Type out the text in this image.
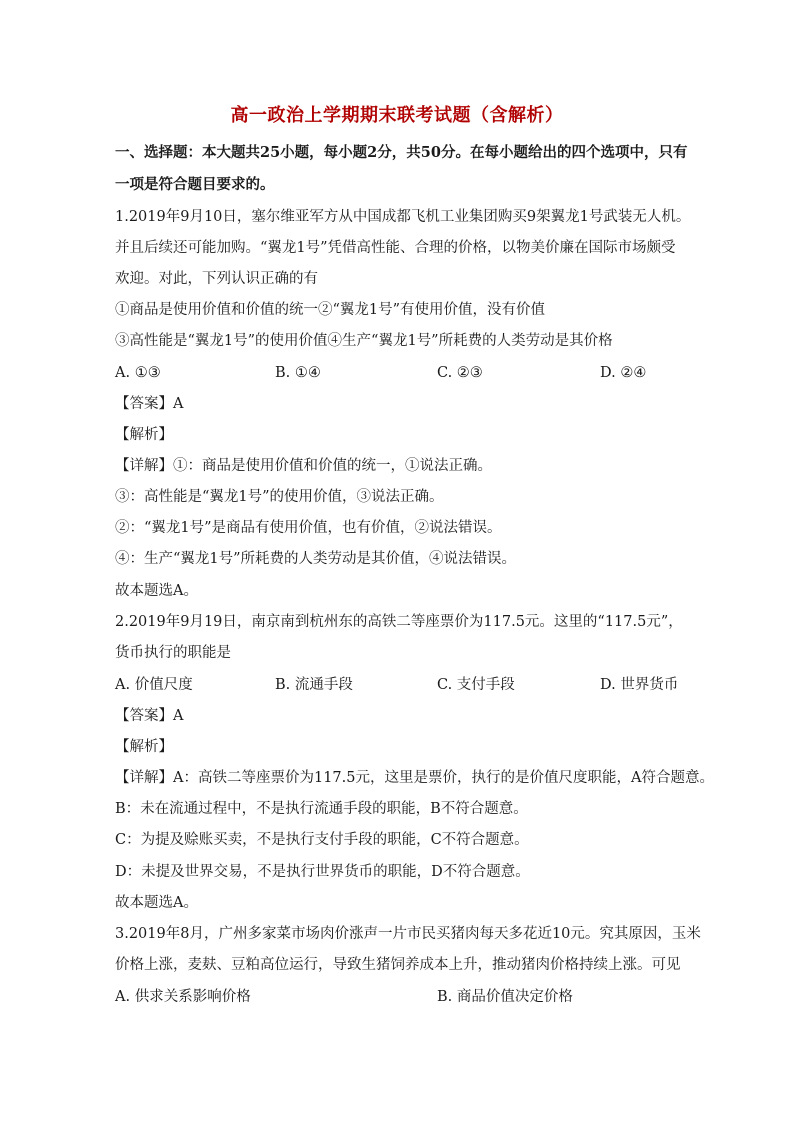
高一政治上学期期末联考试题（含解析）
一、选择题：本大题共25小题，每小题2分，共50分。在每小题给出的四个选项中，只有
一项是符合题目要求的。
1.2019年9月10日，塞尔维亚军方从中国成都飞机工业集团购买9架翼龙1号武装无人机。
并且后续还可能加购。“翼龙1号”凭借高性能、合理的价格，以物美价廉在国际市场颇受
欢迎。对此，下列认识正确的有
①商品是使用价值和价值的统一②“翼龙1号”有使用价值，没有价值
③高性能是“翼龙1号”的使用价值④生产“翼龙1号”所耗费的人类劳动是其价格
A. ①③	B. ①④	C. ②③	D. ②④
【答案】A
【解析】
【详解】①：商品是使用价值和价值的统一，①说法正确。
③：高性能是“翼龙1号”的使用价值，③说法正确。
②：“翼龙1号”是商品有使用价值，也有价值，②说法错误。
④：生产“翼龙1号”所耗费的人类劳动是其价值，④说法错误。
故本题选A。
2.2019年9月19日，南京南到杭州东的高铁二等座票价为117.5元。这里的“117.5元”，
货币执行的职能是
A. 价值尺度	B. 流通手段	C. 支付手段	D. 世界货币
【答案】A
【解析】
【详解】A：高铁二等座票价为117.5元，这里是票价，执行的是价值尺度职能，A符合题意。
B：未在流通过程中，不是执行流通手段的职能，B不符合题意。
C：为提及赊账买卖，不是执行支付手段的职能，C不符合题意。
D：未提及世界交易，不是执行世界货币的职能，D不符合题意。
故本题选A。
3.2019年8月，广州多家菜市场肉价涨声一片市民买猪肉每天多花近10元。究其原因，玉米
价格上涨，麦麸、豆粕高位运行，导致生猪饲养成本上升，推动猪肉价格持续上涨。可见
A. 供求关系影响价格	B. 商品价值决定价格
